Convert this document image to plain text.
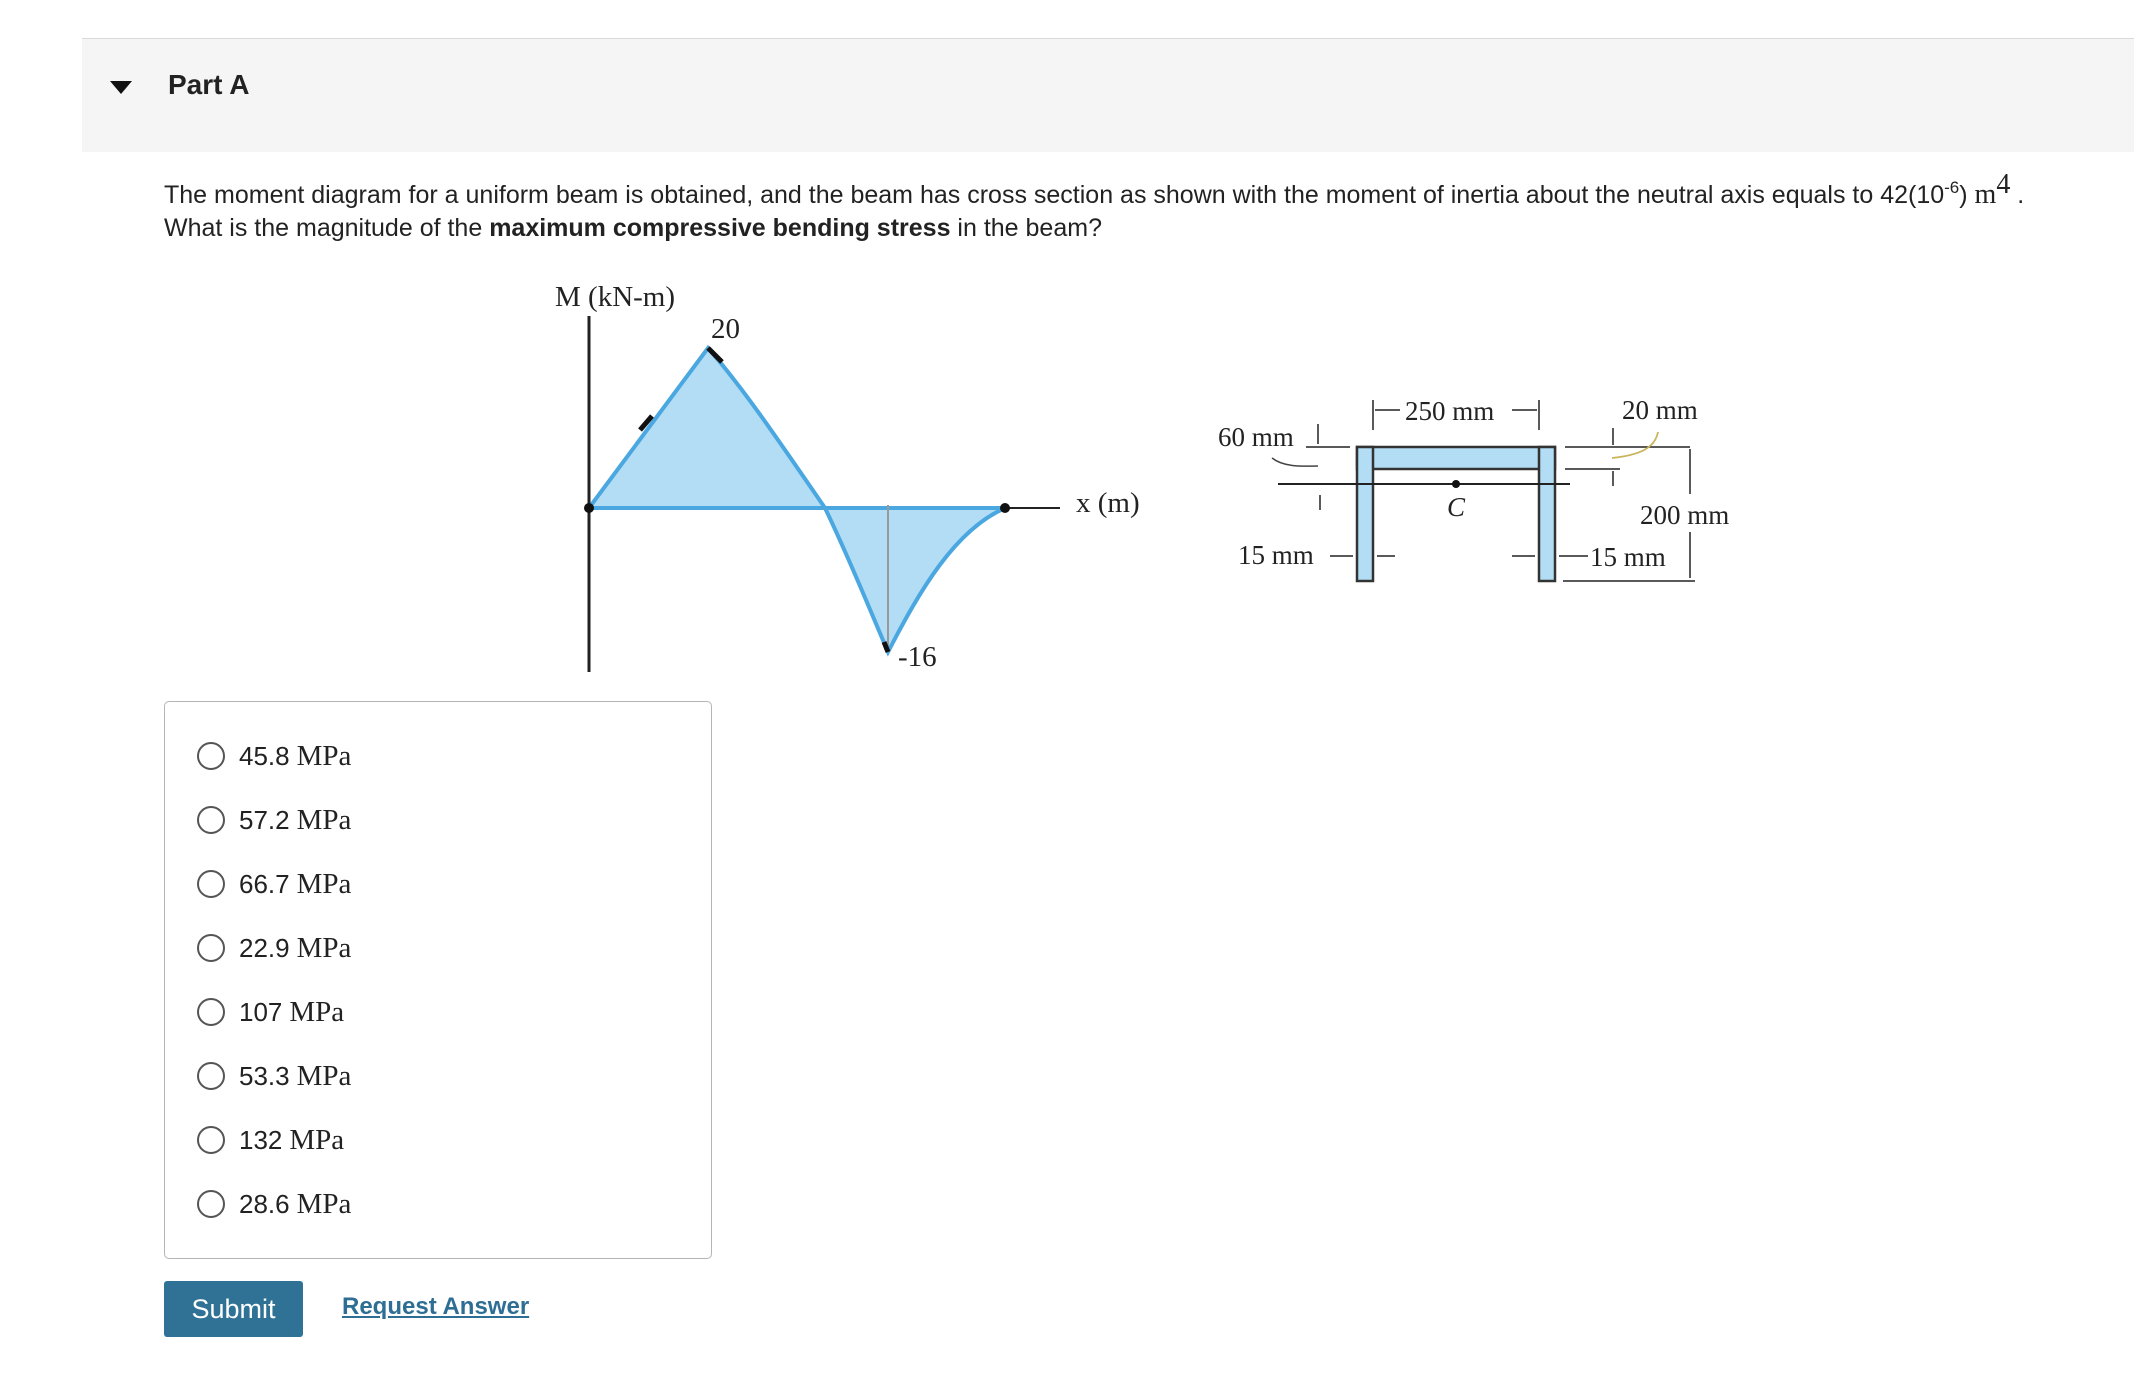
Part A
The moment diagram for a uniform beam is obtained, and the beam has cross section as shown with the moment of inertia about the neutral axis equals to $42(10^{-6})$ $m^4$ .
What is the magnitude of the maximum compressive bending stress in the beam?
M (kN-m)
x (m)
20
-16
C
250 mm
60 mm
20 mm
200 mm
15 mm	15 mm
45.8 MPa
57.2 MPa
66.7 MPa
22.9 MPa
107 MPa
53.3 MPa
132 MPa
28.6 MPa
Submit	Request Answer
